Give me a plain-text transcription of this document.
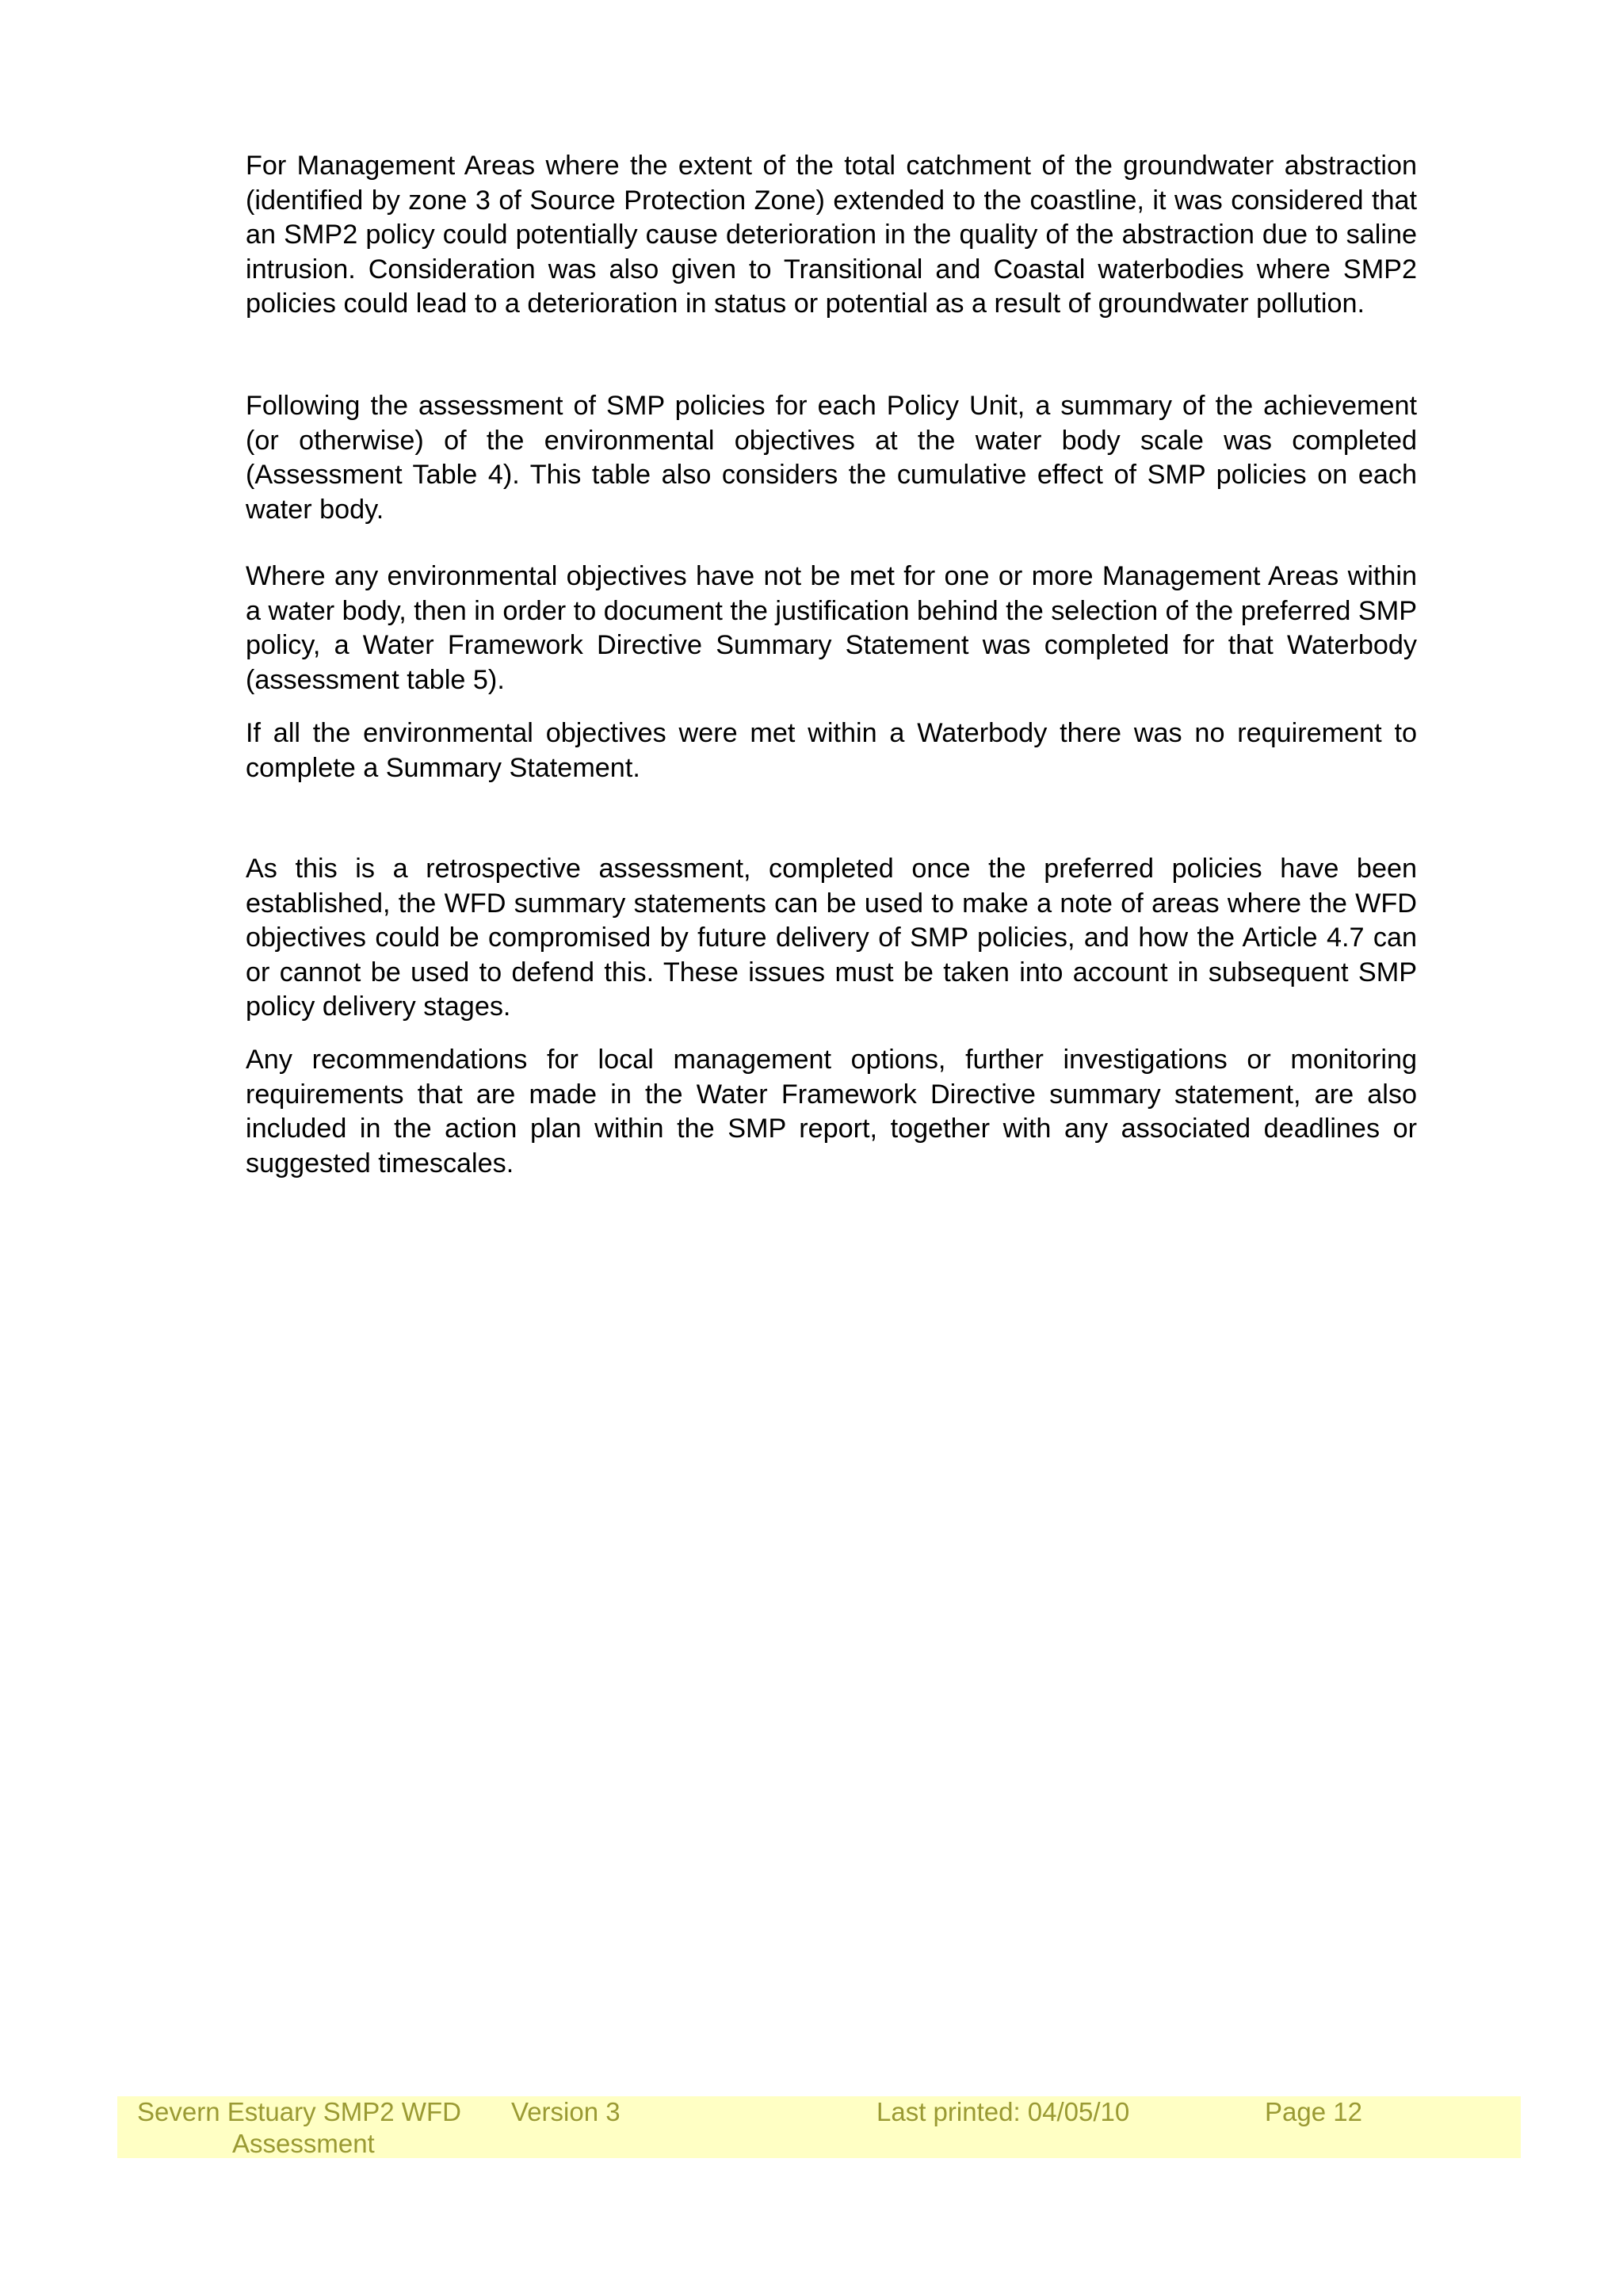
For Management Areas where the extent of the total catchment of the groundwater abstraction (identified by zone 3 of Source Protection Zone) extended to the coastline, it was considered that an SMP2 policy could potentially cause deterioration in the quality of the abstraction due to saline intrusion. Consideration was also given to Transitional and Coastal waterbodies where SMP2 policies could lead to a deterioration in status or potential as a result of groundwater pollution.

Following the assessment of SMP policies for each Policy Unit, a summary of the achievement (or otherwise) of the environmental objectives at the water body scale was completed (Assessment Table 4). This table also considers the cumulative effect of SMP policies on each water body.

Where any environmental objectives have not be met for one or more Management Areas within a water body, then in order to document the justification behind the selection of the preferred SMP policy, a Water Framework Directive Summary Statement was completed for that Waterbody (assessment table 5).

If all the environmental objectives were met within a Waterbody there was no requirement to complete a Summary Statement.

As this is a retrospective assessment, completed once the preferred policies have been established, the WFD summary statements can be used to make a note of areas where the WFD objectives could be compromised by future delivery of SMP policies, and how the Article 4.7 can or cannot be used to defend this. These issues must be taken into account in subsequent SMP policy delivery stages.

Any recommendations for local management options, further investigations or monitoring requirements that are made in the Water Framework Directive summary statement, are also included in the action plan within the SMP report, together with any associated deadlines or suggested timescales.

Severn Estuary SMP2 WFD
Assessment
Version 3	Last printed: 04/05/10	Page 12
